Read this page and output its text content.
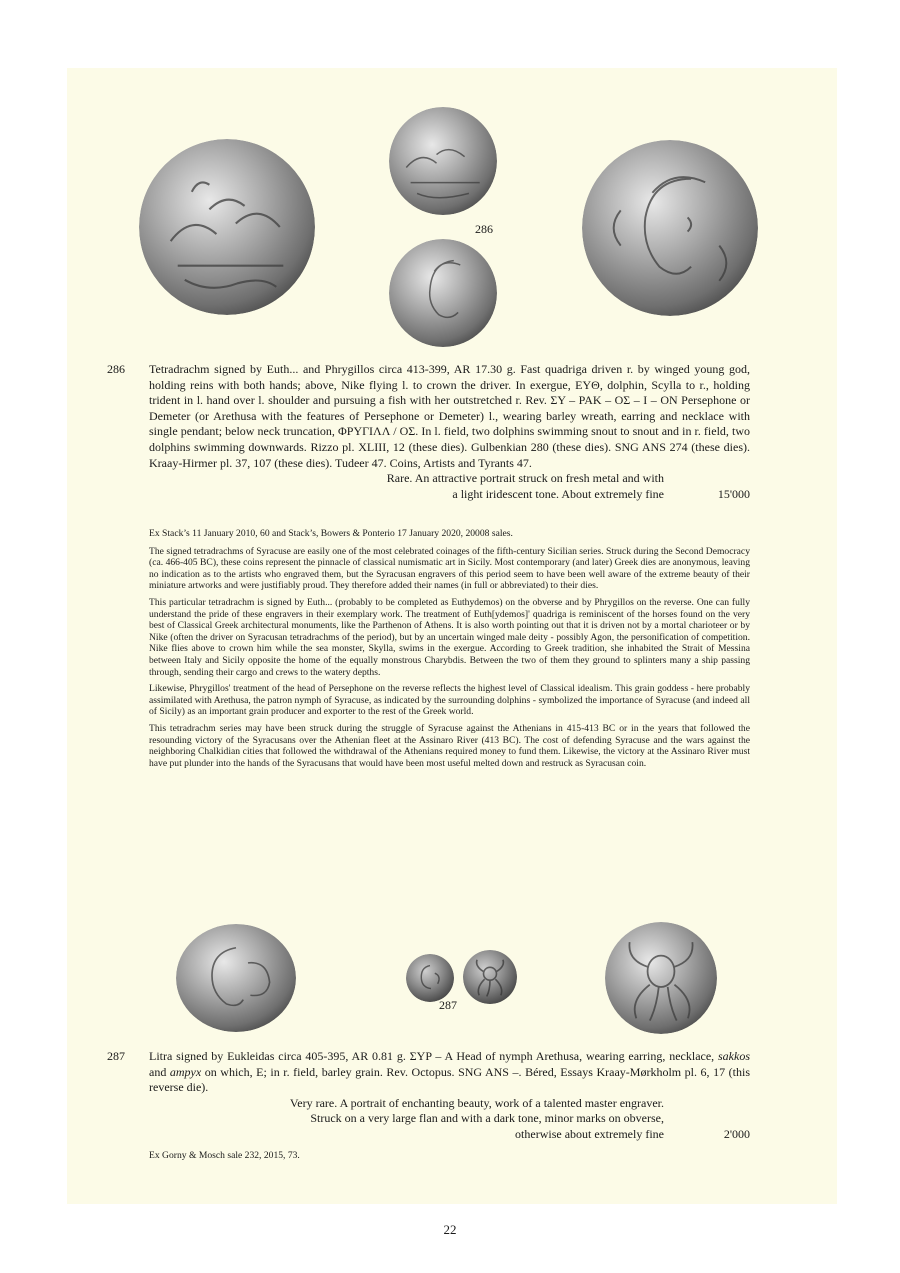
286
286 Tetradrachm signed by Euth... and Phrygillos circa 413-399, AR 17.30 g. Fast quadriga driven r. by winged young god, holding reins with both hands; above, Nike flying l. to crown the driver. In exergue, EYΘ, dolphin, Scylla to r., holding trident in l. hand over l. shoulder and pursuing a fish with her outstretched r. Rev. ΣY – PAK – OΣ – I – ON Persephone or Demeter (or Arethusa with the features of Persephone or Demeter) l., wearing barley wreath, earring and necklace with single pendant; below neck truncation, ΦPYΓIΛΛ / OΣ. In l. field, two dolphins swimming snout to snout and in r. field, two dolphins swimming downwards. Rizzo pl. XLIII, 12 (these dies). Gulbenkian 280 (these dies). SNG ANS 274 (these dies). Kraay-Hirmer pl. 37, 107 (these dies). Tudeer 47. Coins, Artists and Tyrants 47.

Rare. An attractive portrait struck on fresh metal and with
a light iridescent tone. About extremely fine	15'000

Ex Stack’s 11 January 2010, 60 and Stack’s, Bowers & Ponterio 17 January 2020, 20008 sales.

The signed tetradrachms of Syracuse are easily one of the most celebrated coinages of the fifth-century Sicilian series. Struck during the Second Democracy (ca. 466-405 BC), these coins represent the pinnacle of classical numismatic art in Sicily. Most contemporary (and later) Greek dies are anonymous, leaving no indication as to the artists who engraved them, but the Syracusan engravers of this period seem to have been well aware of the extreme beauty of their miniature artworks and were justifiably proud. They therefore added their names (in full or abbreviated) to their dies.

This particular tetradrachm is signed by Euth... (probably to be completed as Euthydemos) on the obverse and by Phrygillos on the reverse. One can fully understand the pride of these engravers in their exemplary work. The treatment of Euth[ydemos]' quadriga is reminiscent of the horses found on the very best of Classical Greek architectural monuments, like the Parthenon of Athens. It is also worth pointing out that it is driven not by a mortal charioteer or by Nike (often the driver on Syracusan tetradrachms of the period), but by an uncertain winged male deity - possibly Agon, the personification of competition. Nike flies above to crown him while the sea monster, Skylla, swims in the exergue. According to Greek tradition, she inhabited the Strait of Messina between Italy and Sicily opposite the home of the equally monstrous Charybdis. Between the two of them they ground to splinters many a ship passing through, sending their cargo and crews to the watery depths.

Likewise, Phrygillos' treatment of the head of Persephone on the reverse reflects the highest level of Classical idealism. This grain goddess - here probably assimilated with Arethusa, the patron nymph of Syracuse, as indicated by the surrounding dolphins - symbolized the importance of Syracuse (and indeed all of Sicily) as an important grain producer and exporter to the rest of the Greek world.

This tetradrachm series may have been struck during the struggle of Syracuse against the Athenians in 415-413 BC or in the years that followed the resounding victory of the Syracusans over the Athenian fleet at the Assinaro River (413 BC). The cost of defending Syracuse and the wars against the neighboring Chalkidian cities that followed the withdrawal of the Athenians required money to fund them. Likewise, the victory at the Assinaro River must have put plunder into the hands of the Syracusans that would have been most useful melted down and restruck as Syracusan coin.

287
287 Litra signed by Eukleidas circa 405-395, AR 0.81 g. ΣYP – A Head of nymph Arethusa, wearing earring, necklace, sakkos and ampyx on which, E; in r. field, barley grain. Rev. Octopus. SNG ANS –. Béred, Essays Kraay-Mørkholm pl. 6, 17 (this reverse die).

Very rare. A portrait of enchanting beauty, work of a talented master engraver.
Struck on a very large flan and with a dark tone, minor marks on obverse,
otherwise about extremely fine	2'000
Ex Gorny & Mosch sale 232, 2015, 73.
22
